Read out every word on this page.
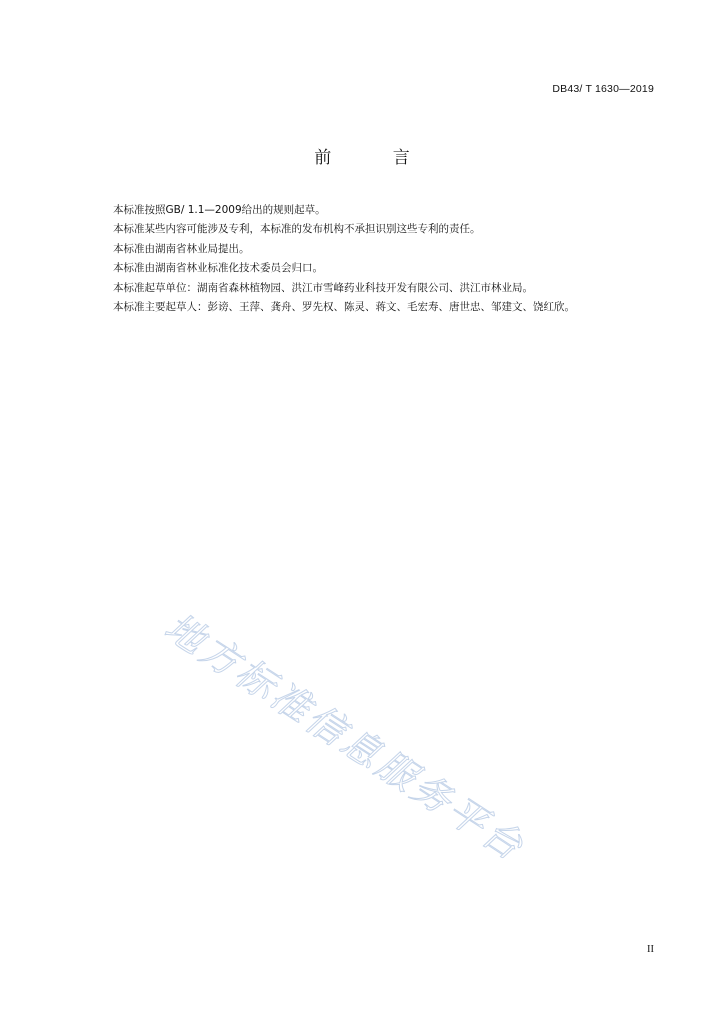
DB43/ T 1630—2019
前 言

本标准按照GB/ 1.1—2009给出的规则起草。

本标准某些内容可能涉及专利，本标准的发布机构不承担识别这些专利的责任。

本标准由湖南省林业局提出。

本标准由湖南省林业标准化技术委员会归口。

本标准起草单位：湖南省森林植物园、洪江市雪峰药业科技开发有限公司、洪江市林业局。

本标准主要起草人：彭谤、王萍、龚舟、罗先权、陈灵、蒋文、毛宏寿、唐世忠、邹建文、饶红欣。

地方标准信息服务平台
II
